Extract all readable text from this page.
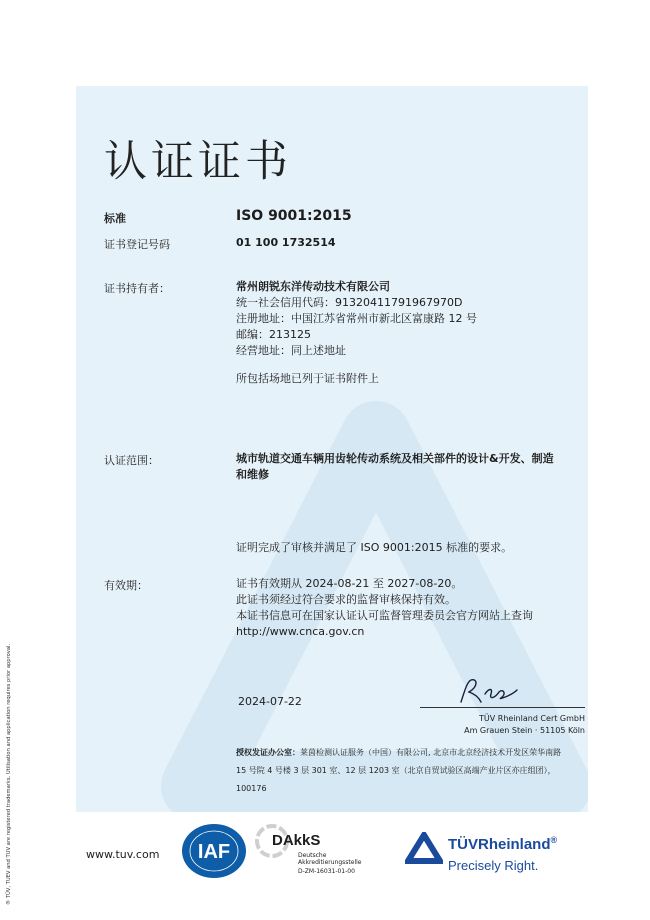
认证证书
标准	ISO 9001:2015
证书登记号码	01 100 1732514
证书持有者：	常州朗锐东洋传动技术有限公司
统一社会信用代码：91320411791967970D
注册地址：中国江苏省常州市新北区富康路 12 号
邮编：213125
经营地址：同上述地址
所包括场地已列于证书附件上
认证范围：	城市轨道交通车辆用齿轮传动系统及相关部件的设计&开发、制造
和维修
证明完成了审核并满足了 ISO 9001:2015 标准的要求。
有效期：	证书有效期从 2024-08-21 至 2027-08-20。
此证书须经过符合要求的监督审核保持有效。
本证书信息可在国家认证认可监督管理委员会官方网站上查询
http://www.cnca.gov.cn
2024-07-22
TÜV Rheinland Cert GmbH
Am Grauen Stein · 51105 Köln
授权发证办公室：莱茵检测认证服务（中国）有限公司, 北京市北京经济技术开发区荣华南路
15 号院 4 号楼 3 层 301 室、12 层 1203 室（北京自贸试验区高端产业片区亦庄组团），
100176
® TÜV, TUEV and TUV are registered trademarks. Utilisation and application requires prior approval.	www.tuv.com IAF
DAkkS
Deutsche
Akkreditierungsstelle
D-ZM-16031-01-00
TÜVRheinland®
Precisely Right.
